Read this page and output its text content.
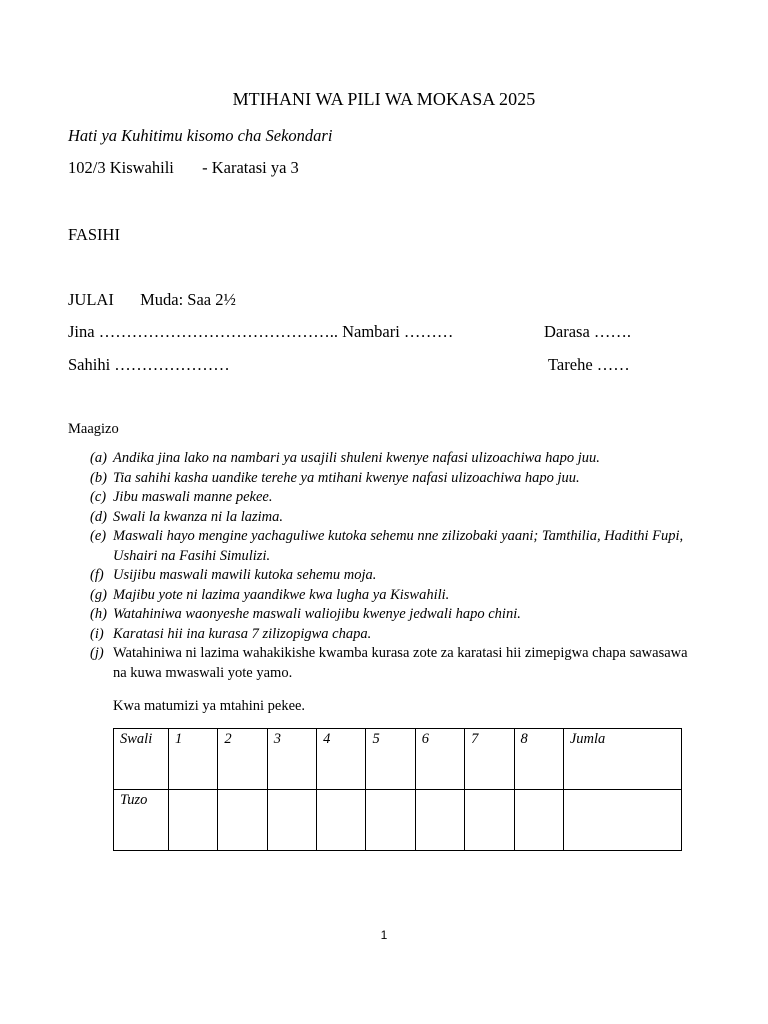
MTIHANI WA PILI WA MOKASA 2025
Hati ya Kuhitimu kisomo cha Sekondari
102/3 Kiswahili - Karatasi ya 3
FASIHI
JULAI Muda: Saa 2½
Jina …………………………………….. Nambari ………	Darasa …….
Sahihi …………………	Tarehe ……
Maagizo
(a) Andika jina lako na nambari ya usajili shuleni kwenye nafasi ulizoachiwa hapo juu.
(b) Tia sahihi kasha uandike terehe ya mtihani kwenye nafasi ulizoachiwa hapo juu.
(c) Jibu maswali manne pekee.
(d) Swali la kwanza ni la lazima.
(e) Maswali hayo mengine yachaguliwe kutoka sehemu nne zilizobaki yaani; Tamthilia, Hadithi Fupi, Ushairi na Fasihi Simulizi.
(f) Usijibu maswali mawili kutoka sehemu moja.
(g) Majibu yote ni lazima yaandikwe kwa lugha ya Kiswahili.
(h) Watahiniwa waonyeshe maswali waliojibu kwenye jedwali hapo chini.
(i) Karatasi hii ina kurasa 7 zilizopigwa chapa.
(j) Watahiniwa ni lazima wahakikishe kwamba kurasa zote za karatasi hii zimepigwa chapa sawasawa na kuwa mwaswali yote yamo.
Kwa matumizi ya mtahini pekee.
Swali	1	2	3	4	5	6	7	8	Jumla
Tuzo									
1
